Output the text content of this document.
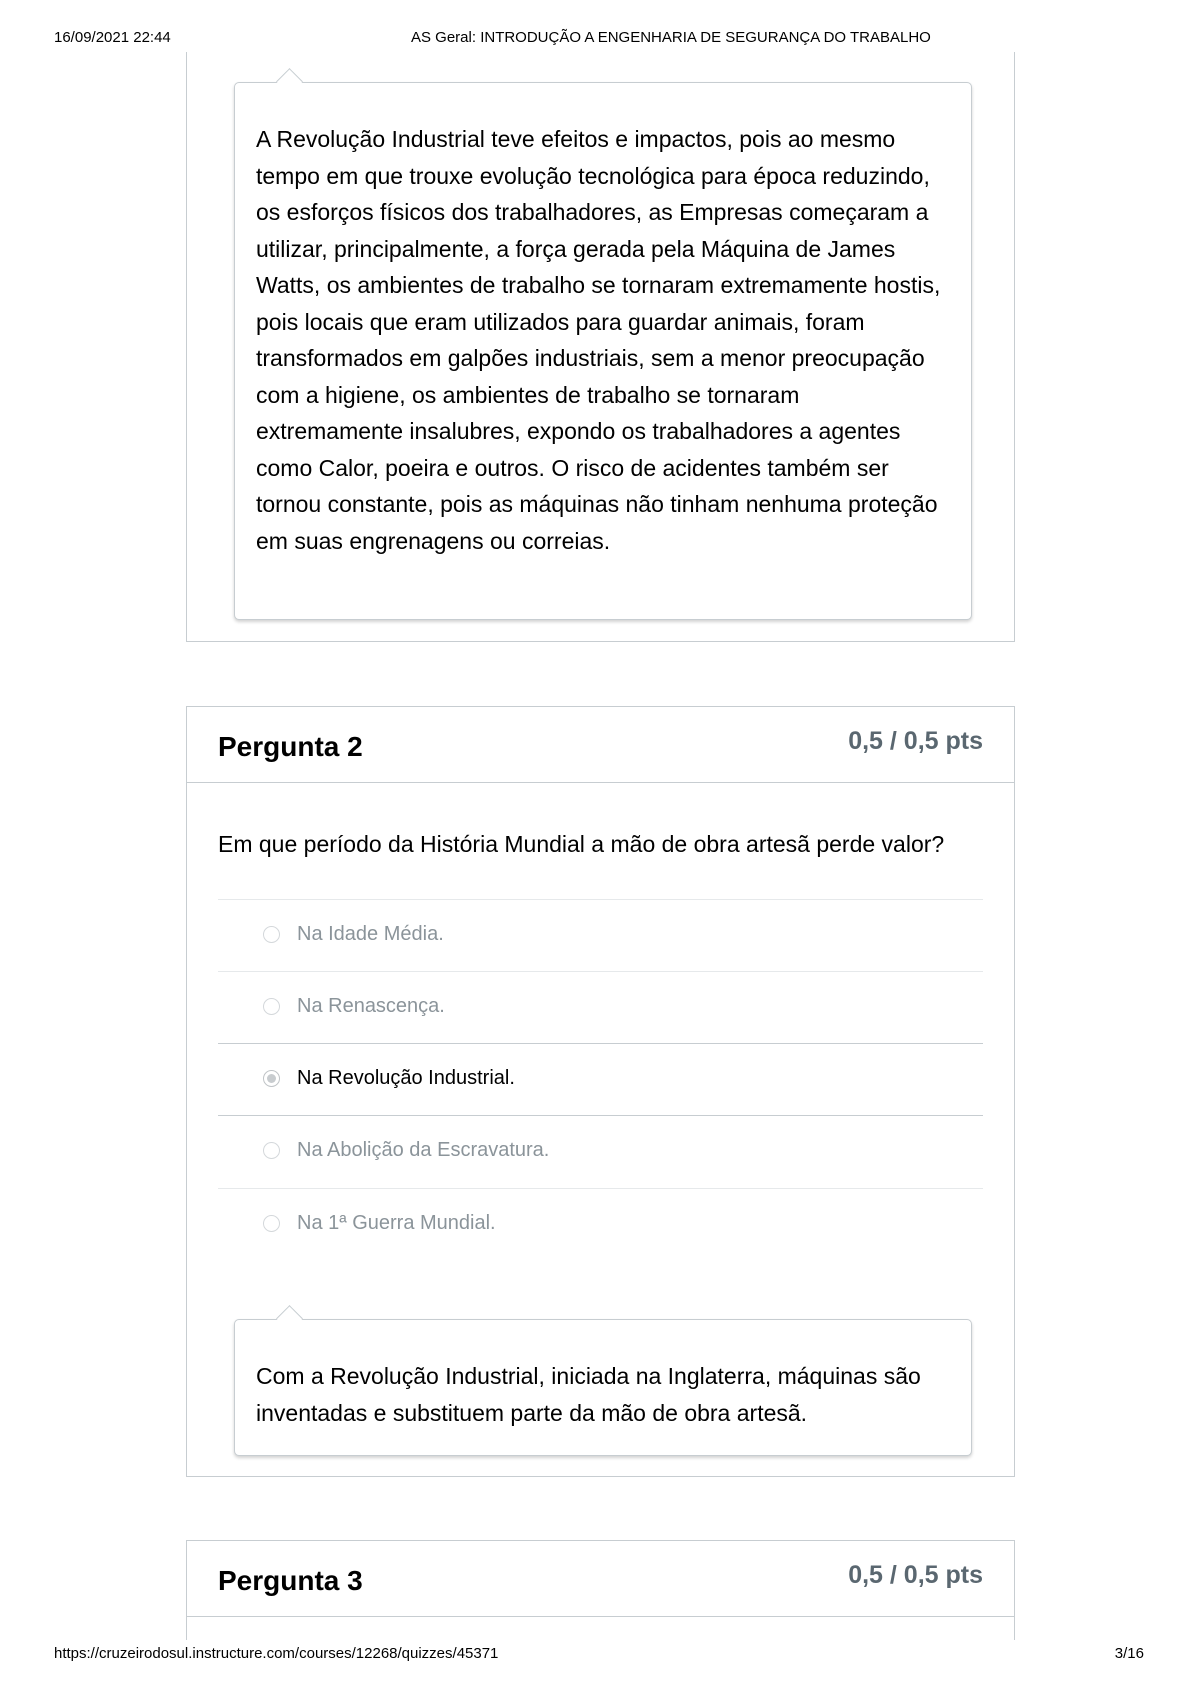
16/09/2021 22:44	AS Geral: INTRODUÇÃO A ENGENHARIA DE SEGURANÇA DO TRABALHO
A Revolução Industrial teve efeitos e impactos, pois ao mesmo tempo em que trouxe evolução tecnológica para época reduzindo, os esforços físicos dos trabalhadores, as Empresas começaram a utilizar, principalmente, a força gerada pela Máquina de James Watts, os ambientes de trabalho se tornaram extremamente hostis, pois locais que eram utilizados para guardar animais, foram transformados em galpões industriais, sem a menor preocupação com a higiene, os ambientes de trabalho se tornaram extremamente insalubres, expondo os trabalhadores a agentes como Calor, poeira e outros. O risco de acidentes também ser tornou constante, pois as máquinas não tinham nenhuma proteção em suas engrenagens ou correias.
Pergunta 2	0,5 / 0,5 pts
Em que período da História Mundial a mão de obra artesã perde valor?
Na Idade Média.
Na Renascença.
Na Revolução Industrial.
Na Abolição da Escravatura.
Na 1ª Guerra Mundial.
Com a Revolução Industrial, iniciada na Inglaterra, máquinas são inventadas e substituem parte da mão de obra artesã.
Pergunta 3	0,5 / 0,5 pts
https://cruzeirodosul.instructure.com/courses/12268/quizzes/45371	3/16
